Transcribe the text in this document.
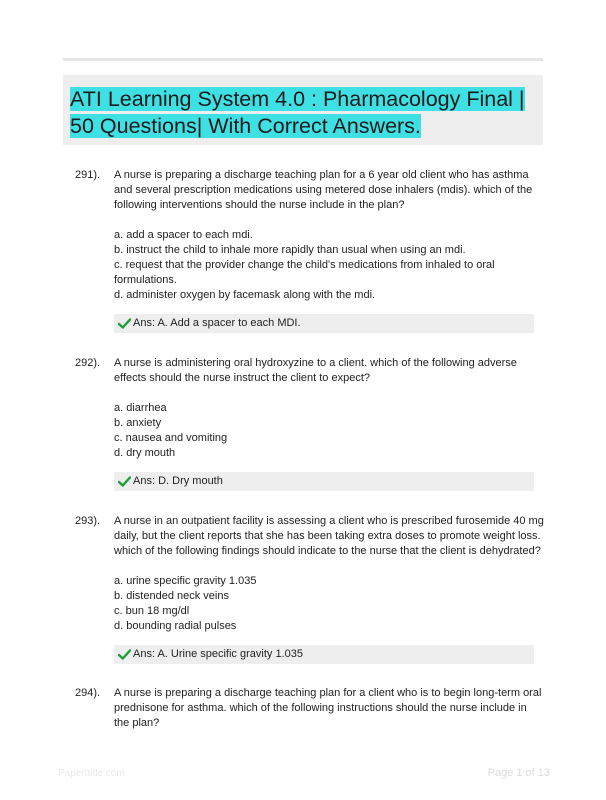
ATI Learning System 4.0 : Pharmacology Final | 50 Questions| With Correct Answers.
291).	A nurse is preparing a discharge teaching plan for a 6 year old client who has asthma and several prescription medications using metered dose inhalers (mdis). which of the following interventions should the nurse include in the plan?
a. add a spacer to each mdi.
b. instruct the child to inhale more rapidly than usual when using an mdi.
c. request that the provider change the child's medications from inhaled to oral formulations.
d. administer oxygen by facemask along with the mdi.
Ans: A. Add a spacer to each MDI.
292).	A nurse is administering oral hydroxyzine to a client. which of the following adverse effects should the nurse instruct the client to expect?
a. diarrhea
b. anxiety
c. nausea and vomiting
d. dry mouth
Ans: D. Dry mouth
293).	A nurse in an outpatient facility is assessing a client who is prescribed furosemide 40 mg daily, but the client reports that she has been taking extra doses to promote weight loss. which of the following findings should indicate to the nurse that the client is dehydrated?
a. urine specific gravity 1.035
b. distended neck veins
c. bun 18 mg/dl
d. bounding radial pulses
Ans: A. Urine specific gravity 1.035
294).	A nurse is preparing a discharge teaching plan for a client who is to begin long-term oral prednisone for asthma. which of the following instructions should the nurse include in the plan?
Paperttitle.com	Page 1 of 13
